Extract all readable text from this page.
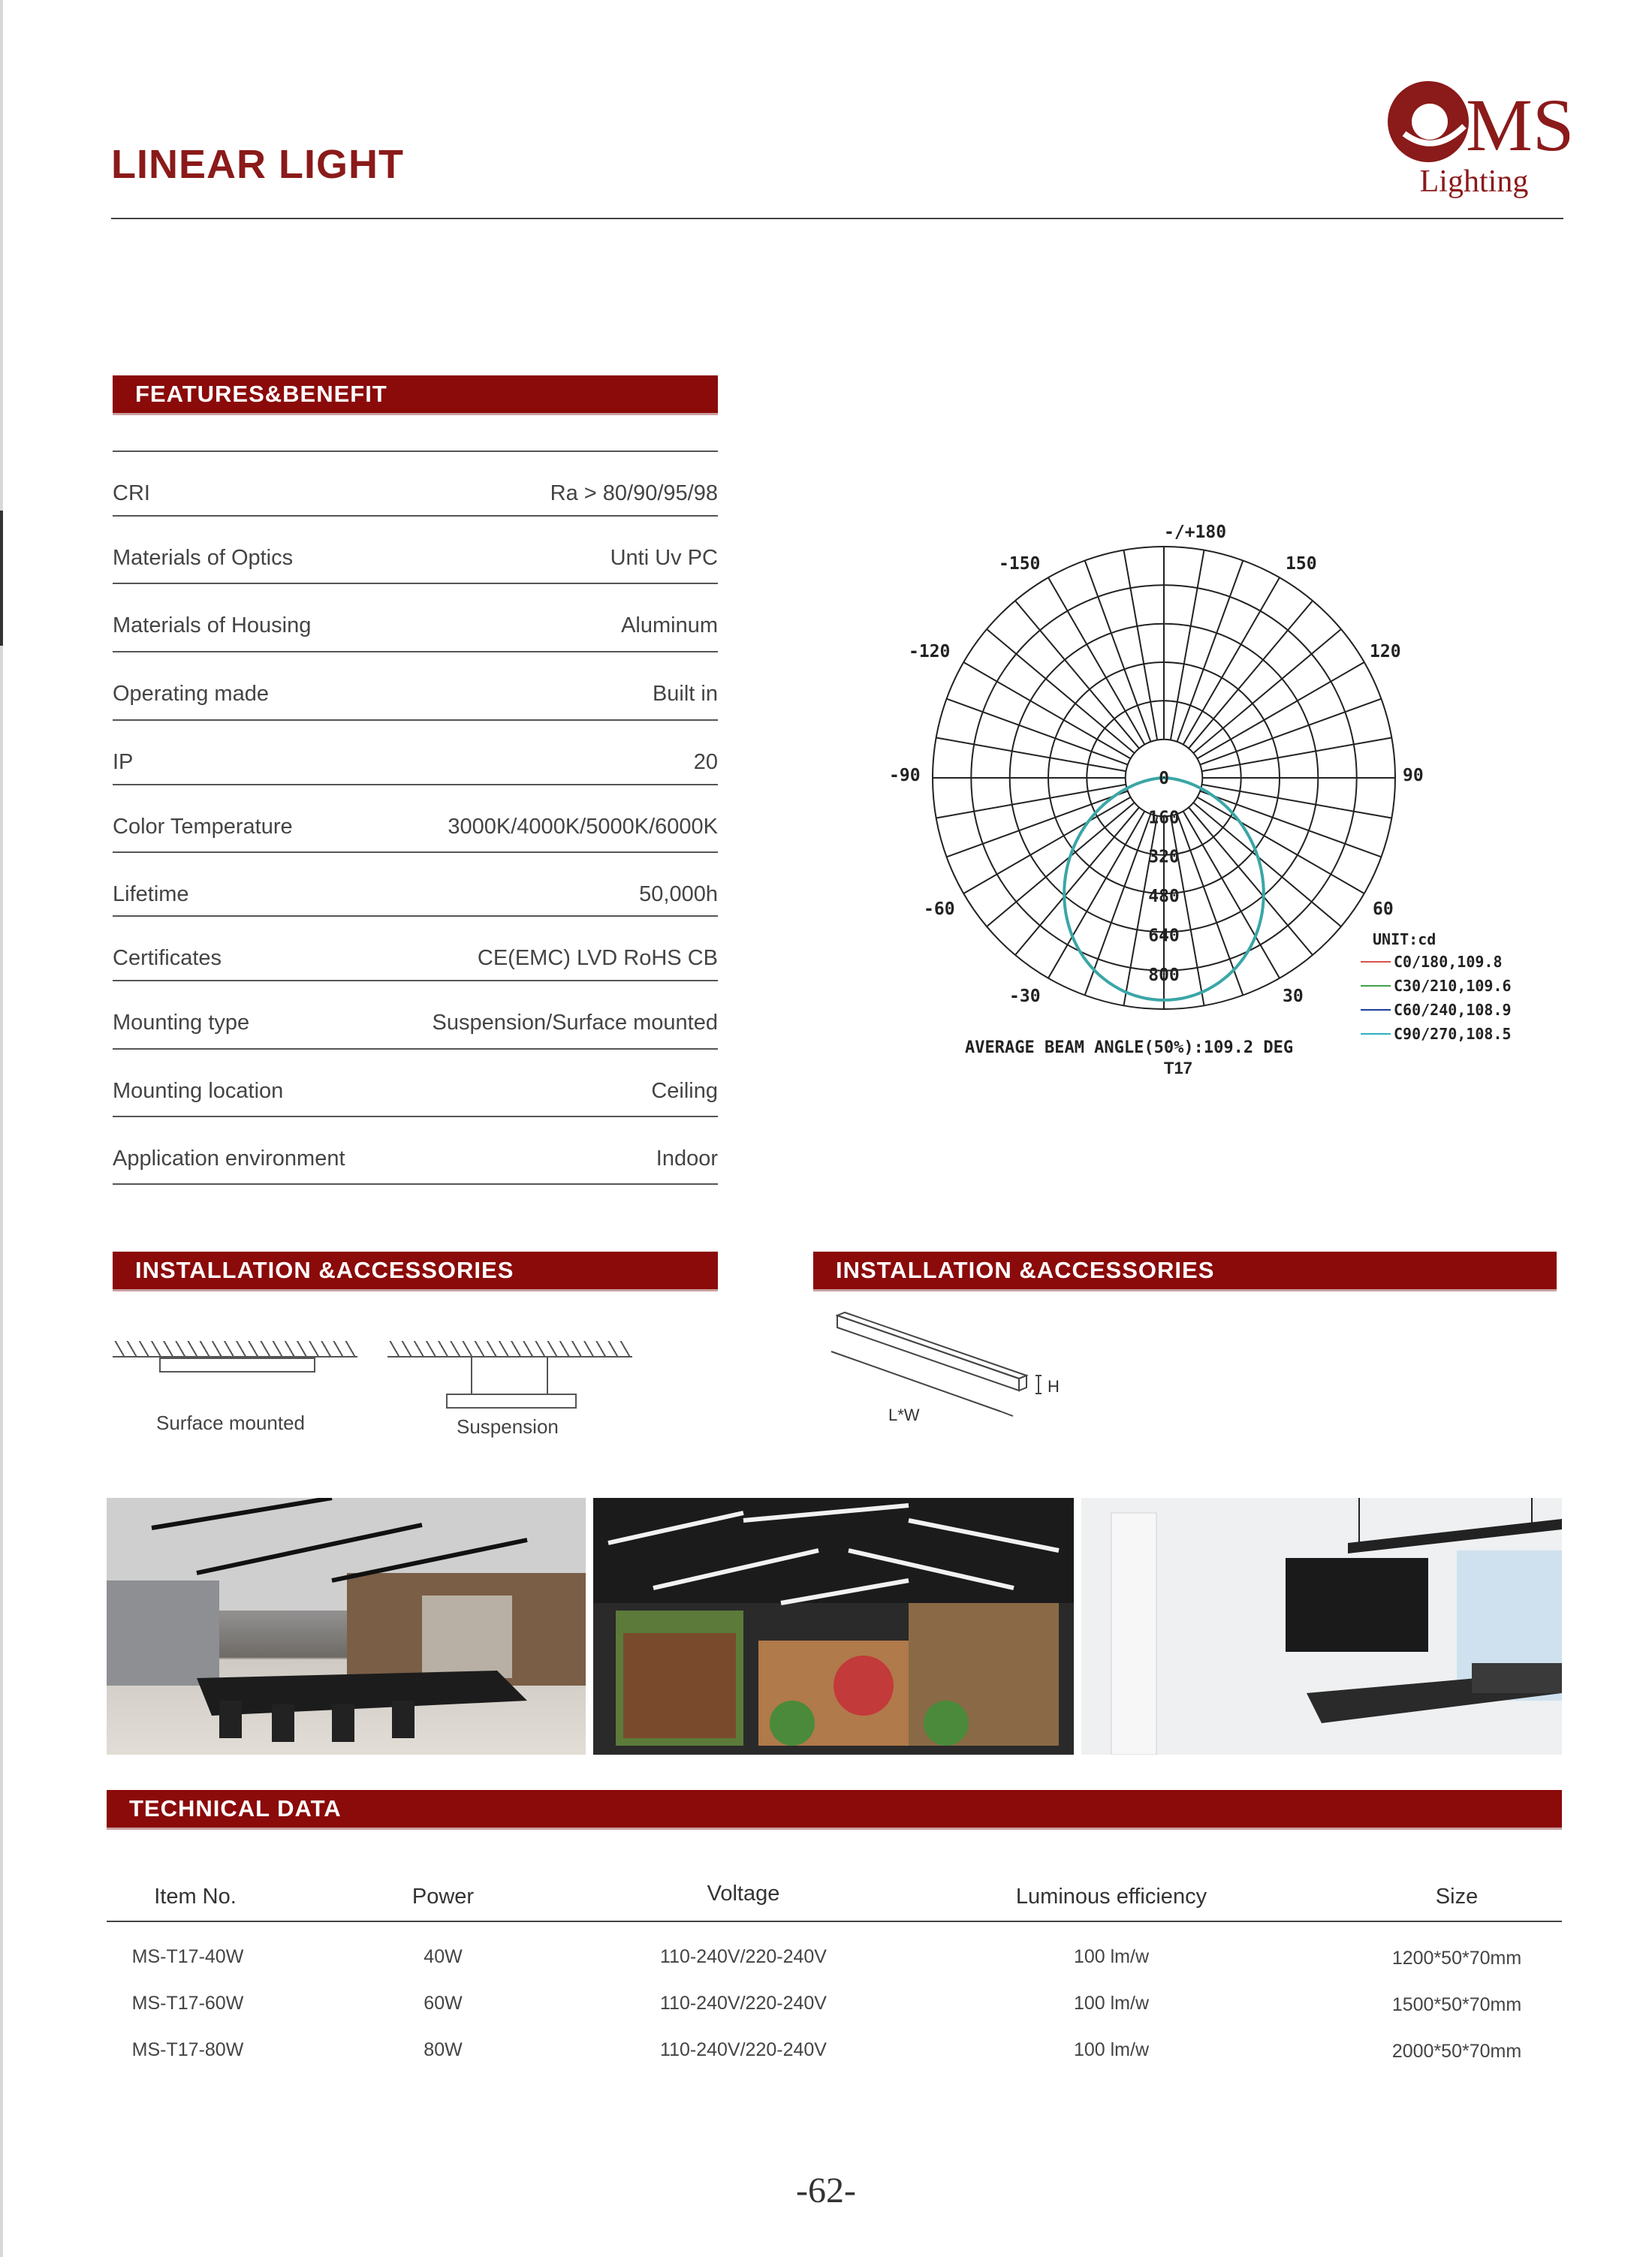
LINEAR LIGHT	MS
Lighting
FEATURES&BENEFIT
CRI	Ra > 80/90/95/98
Materials of Optics	Unti Uv PC
Materials of Housing	Aluminum
Operating made	Built in
IP	20
Color Temperature	3000K/4000K/5000K/6000K
Lifetime	50,000h
Certificates	CE(EMC) LVD RoHS CB
Mounting type	Suspension/Surface mounted
Mounting location	Ceiling
Application environment	Indoor
-/+180
-150	150
-120	120
-90	90
-60	60
-30	30
0
160
320
480
640
800
UNIT:cd
C0/180,109.8
C30/210,109.6
C60/240,108.9
C90/270,108.5
AVERAGE BEAM ANGLE(50%):109.2 DEG
T17
INSTALLATION &ACCESSORIES	INSTALLATION &ACCESSORIES
Surface mounted	Suspension
L*W
H
TECHNICAL DATA
Item No.	Power	Voltage	Luminous efficiency	Size
MS-T17-40W	40W	110-240V/220-240V	100 lm/w	1200*50*70mm
MS-T17-60W	60W	110-240V/220-240V	100 lm/w	1500*50*70mm
MS-T17-80W	80W	110-240V/220-240V	100 lm/w	2000*50*70mm
-62-
